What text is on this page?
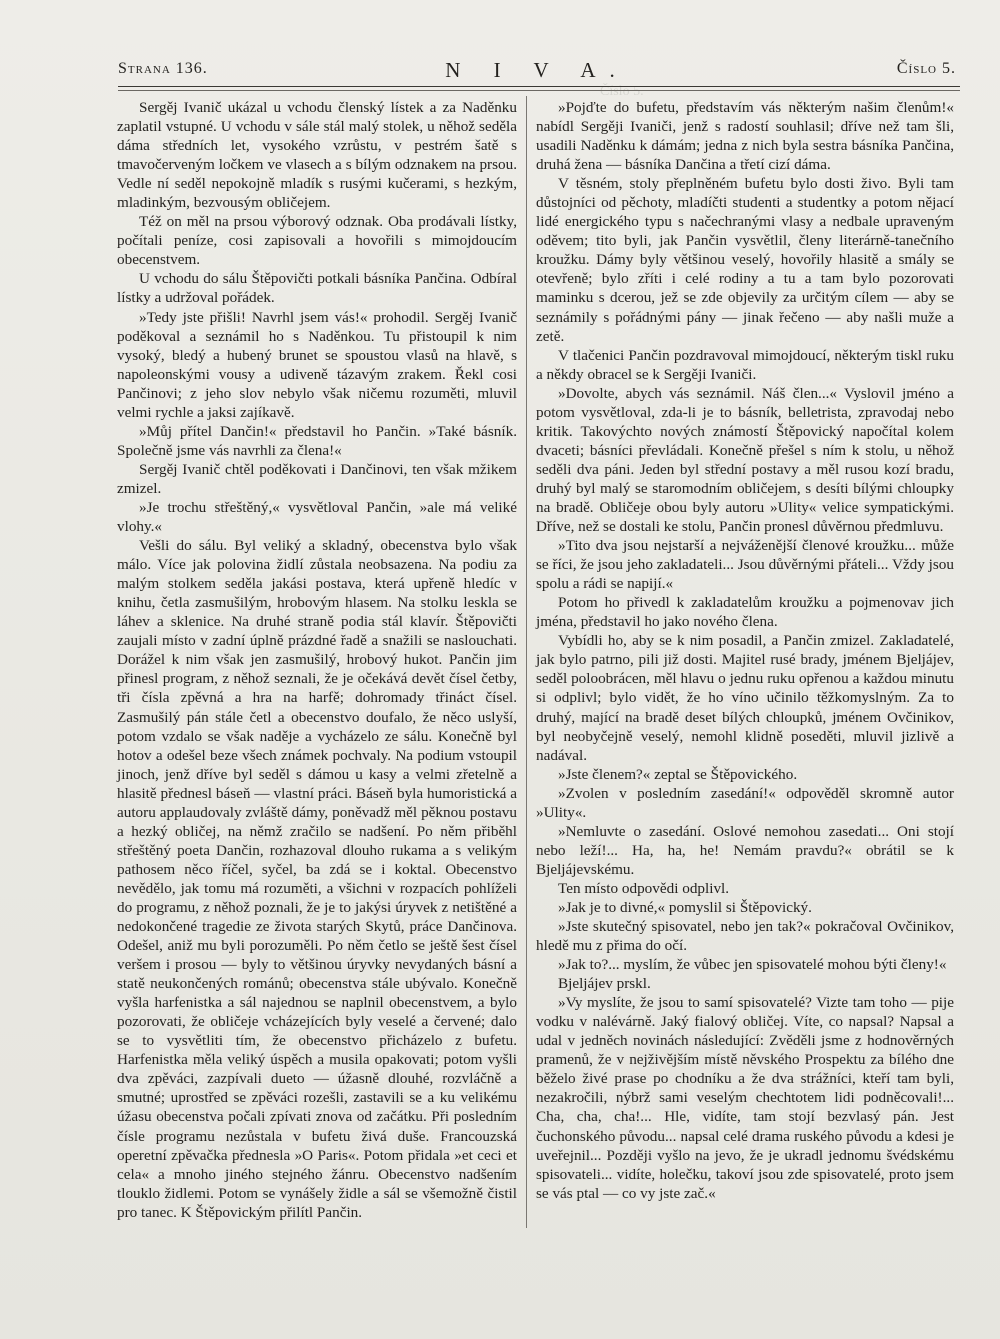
Číslo 5.
Strana 136.	N I V A.	Číslo 5.

Sergěj Ivanič ukázal u vchodu členský lístek a za Naděnku zaplatil vstupné. U vchodu v sále stál malý stolek, u něhož seděla dáma středních let, vysokého vzrůstu, v pestrém šatě s tmavočerveným ločkem ve vlasech a s bílým odznakem na prsou. Vedle ní seděl nepokojně mladík s rusými kučerami, s hezkým, mladinkým, bezvousým obličejem.

Též on měl na prsou výborový odznak. Oba prodávali lístky, počítali peníze, cosi zapisovali a hovořili s mimojdoucím obecenstvem.

U vchodu do sálu Štěpovičti potkali básníka Pančina. Odbíral lístky a udržoval pořádek.

»Tedy jste přišli! Navrhl jsem vás!« prohodil. Sergěj Ivanič poděkoval a seznámil ho s Naděnkou. Tu přistoupil k nim vysoký, bledý a hubený brunet se spoustou vlasů na hlavě, s napoleonskými vousy a udiveně tázavým zrakem. Řekl cosi Pančinovi; z jeho slov nebylo však ničemu rozuměti, mluvil velmi rychle a jaksi zajíkavě.

»Můj přítel Dančin!« představil ho Pančin. »Také básník. Společně jsme vás navrhli za člena!«

Sergěj Ivanič chtěl poděkovati i Dančinovi, ten však mžikem zmizel.

»Je trochu střeštěný,« vysvětloval Pančin, »ale má veliké vlohy.«

Vešli do sálu. Byl veliký a skladný, obecenstva bylo však málo. Více jak polovina židlí zůstala neobsazena. Na podiu za malým stolkem seděla jakási postava, která upřeně hledíc v knihu, četla zasmušilým, hrobovým hlasem. Na stolku leskla se láhev a sklenice. Na druhé straně podia stál klavír. Štěpovičti zaujali místo v zadní úplně prázdné řadě a snažili se naslouchati. Dorážel k nim však jen zasmušilý, hrobový hukot. Pančin jim přinesl program, z něhož seznali, že je očekává devět čísel četby, tři čísla zpěvná a hra na harfě; dohromady třináct čísel. Zasmušilý pán stále četl a obecenstvo doufalo, že něco uslyší, potom vzdalo se však naděje a vycházelo ze sálu. Konečně byl hotov a odešel beze všech známek pochvaly. Na podium vstoupil jinoch, jenž dříve byl seděl s dámou u kasy a velmi zřetelně a hlasitě přednesl báseň — vlastní práci. Báseň byla humoristická a autoru applaudovaly zvláště dámy, poněvadž měl pěknou postavu a hezký obličej, na němž zračilo se nadšení. Po něm přiběhl střeštěný poeta Dančin, rozhazoval dlouho rukama a s velikým pathosem něco říčel, syčel, ba zdá se i koktal. Obecenstvo nevědělo, jak tomu má rozuměti, a všichni v rozpacích pohlíželi do programu, z něhož poznali, že je to jakýsi úryvek z netištěné a nedokončené tragedie ze života starých Skytů, práce Dančinova. Odešel, aniž mu byli porozuměli. Po něm četlo se ještě šest čísel veršem i prosou — byly to většinou úryvky nevydaných básní a statě neukončených románů; obecenstva stále ubývalo. Konečně vyšla harfenistka a sál najednou se naplnil obecenstvem, a bylo pozorovati, že obličeje vcházejících byly veselé a červené; dalo se to vysvětliti tím, že obecenstvo přicházelo z bufetu. Harfenistka měla veliký úspěch a musila opakovati; potom vyšli dva zpěváci, zazpívali dueto — úžasně dlouhé, rozvláčně a smutné; uprostřed se zpěváci rozešli, zastavili se a ku velikému úžasu obecenstva počali zpívati znova od začátku. Při posledním čísle programu nezůstala v bufetu živá duše. Francouzská operetní zpěvačka přednesla »O Paris«. Potom přidala »et ceci et cela« a mnoho jiného stejného žánru. Obecenstvo nadšením tlouklo židlemi. Potom se vynášely židle a sál se všemožně čistil pro tanec. K Štěpovickým přilítl Pančin.

»Pojďte do bufetu, představím vás některým našim členům!« nabídl Sergěji Ivaniči, jenž s radostí souhlasil; dříve než tam šli, usadili Naděnku k dámám; jedna z nich byla sestra básníka Pančina, druhá žena — básníka Dančina a třetí cizí dáma.

V těsném, stoly přeplněném bufetu bylo dosti živo. Byli tam důstojníci od pěchoty, mladíčti studenti a studentky a potom nějací lidé energického typu s načechranými vlasy a nedbale upraveným oděvem; tito byli, jak Pančin vysvětlil, členy literárně-tanečního kroužku. Dámy byly většinou veselý, hovořily hlasitě a smály se otevřeně; bylo zříti i celé rodiny a tu a tam bylo pozorovati maminku s dcerou, jež se zde objevily za určitým cílem — aby se seznámily s pořádnými pány — jinak řečeno — aby našli muže a zetě.

V tlačenici Pančin pozdravoval mimojdoucí, některým tiskl ruku a někdy obracel se k Sergěji Ivaniči.

»Dovolte, abych vás seznámil. Náš člen...« Vyslovil jméno a potom vysvětloval, zda-li je to básník, belletrista, zpravodaj nebo kritik. Takovýchto nových známostí Štěpovický napočítal kolem dvaceti; básníci převládali. Konečně přešel s ním k stolu, u něhož seděli dva páni. Jeden byl střední postavy a měl rusou kozí bradu, druhý byl malý se staromodním obličejem, s desíti bílými chloupky na bradě. Obličeje obou byly autoru »Ulity« velice sympatickými. Dříve, než se dostali ke stolu, Pančin pronesl důvěrnou předmluvu.

»Tito dva jsou nejstarší a nejváženější členové kroužku... může se říci, že jsou jeho zakladateli... Jsou důvěrnými přáteli... Vždy jsou spolu a rádi se napijí.«

Potom ho přivedl k zakladatelům kroužku a pojmenovav jich jména, představil ho jako nového člena.

Vybídli ho, aby se k nim posadil, a Pančin zmizel. Zakladatelé, jak bylo patrno, pili již dosti. Majitel rusé brady, jménem Bjeljájev, seděl poloobrácen, měl hlavu o jednu ruku opřenou a každou minutu si odplivl; bylo vidět, že ho víno učinilo těžkomyslným. Za to druhý, mající na bradě deset bílých chloupků, jménem Ovčinikov, byl neobyčejně veselý, nemohl klidně poseděti, mluvil jizlivě a nadával.

»Jste členem?« zeptal se Štěpovického.

»Zvolen v posledním zasedání!« odpověděl skromně autor »Ulity«.

»Nemluvte o zasedání. Oslové nemohou zasedati... Oni stojí nebo leží!... Ha, ha, he! Nemám pravdu?« obrátil se k Bjeljájevskému.

Ten místo odpovědi odplivl.

»Jak je to divné,« pomyslil si Štěpovický.

»Jste skutečný spisovatel, nebo jen tak?« pokračoval Ovčinikov, hledě mu z přima do očí.

»Jak to?... myslím, že vůbec jen spisovatelé mohou býti členy!«

Bjeljájev prskl.

»Vy myslíte, že jsou to samí spisovatelé? Vizte tam toho — pije vodku v nalévárně. Jaký fialový obličej. Víte, co napsal? Napsal a udal v jedněch novinách následující: Zvěděli jsme z hodnověrných pramenů, že v nejživějším místě něvského Prospektu za bílého dne běželo živé prase po chodníku a že dva strážníci, kteří tam byli, nezakročili, nýbrž sami veselým chechtotem lidi podněcovali!... Cha, cha, cha!... Hle, vidíte, tam stojí bezvlasý pán. Jest čuchonského původu... napsal celé drama ruského původu a kdesi je uveřejnil... Později vyšlo na jevo, že je ukradl jednomu švédskému spisovateli... vidíte, holečku, takoví jsou zde spisovatelé, proto jsem se vás ptal — co vy jste zač.«
